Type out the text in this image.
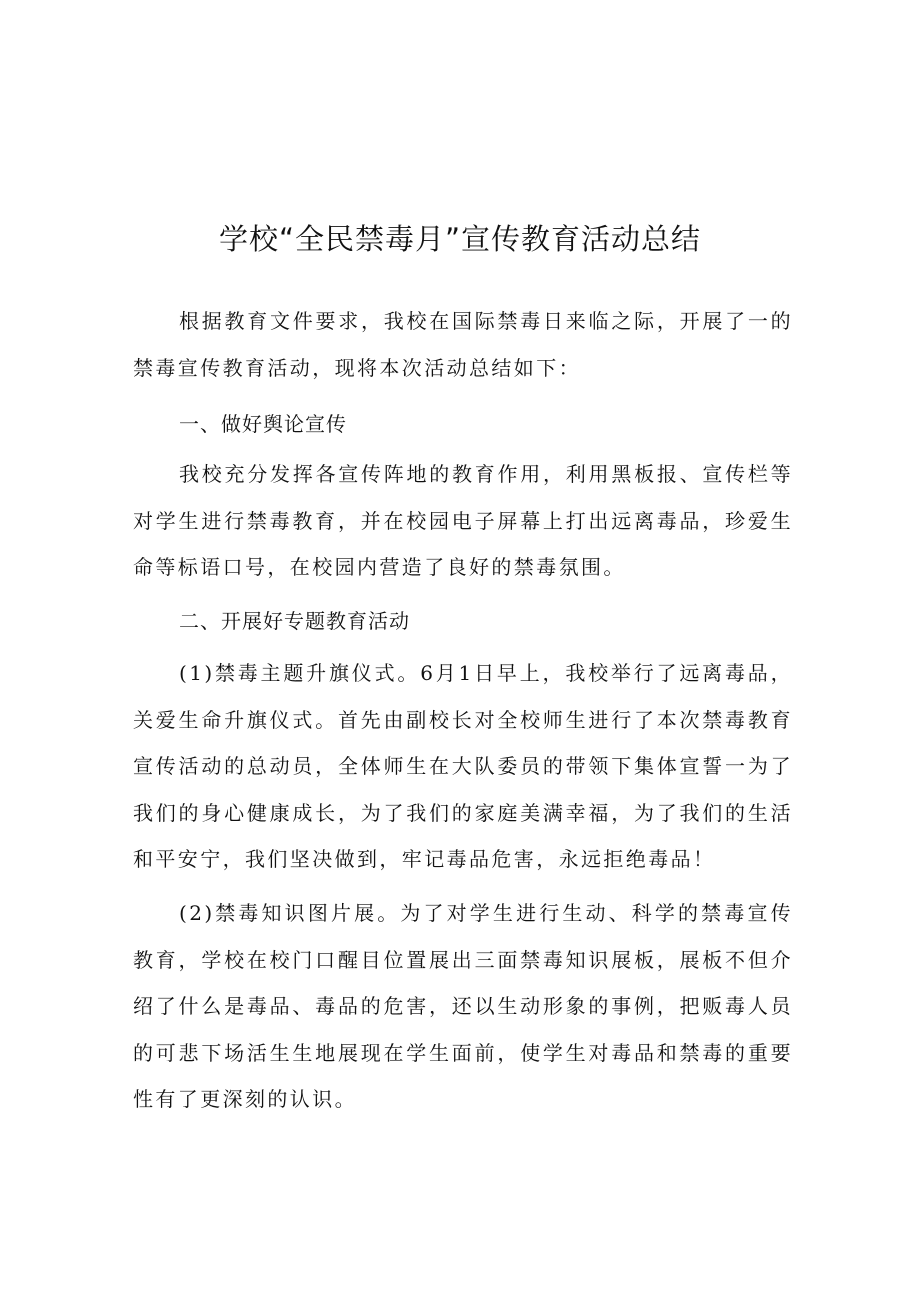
学校“全民禁毒月”宣传教育活动总结

根据教育文件要求，我校在国际禁毒日来临之际，开展了一的禁毒宣传教育活动，现将本次活动总结如下：

一、做好舆论宣传

我校充分发挥各宣传阵地的教育作用，利用黑板报、宣传栏等对学生进行禁毒教育，并在校园电子屏幕上打出远离毒品，珍爱生命等标语口号，在校园内营造了良好的禁毒氛围。

二、开展好专题教育活动

(1)禁毒主题升旗仪式。6月1日早上，我校举行了远离毒品，关爱生命升旗仪式。首先由副校长对全校师生进行了本次禁毒教育宣传活动的总动员，全体师生在大队委员的带领下集体宣誓一为了我们的身心健康成长，为了我们的家庭美满幸福，为了我们的生活和平安宁，我们坚决做到，牢记毒品危害，永远拒绝毒品！

(2)禁毒知识图片展。为了对学生进行生动、科学的禁毒宣传教育，学校在校门口醒目位置展出三面禁毒知识展板，展板不但介绍了什么是毒品、毒品的危害，还以生动形象的事例，把贩毒人员的可悲下场活生生地展现在学生面前，使学生对毒品和禁毒的重要性有了更深刻的认识。
